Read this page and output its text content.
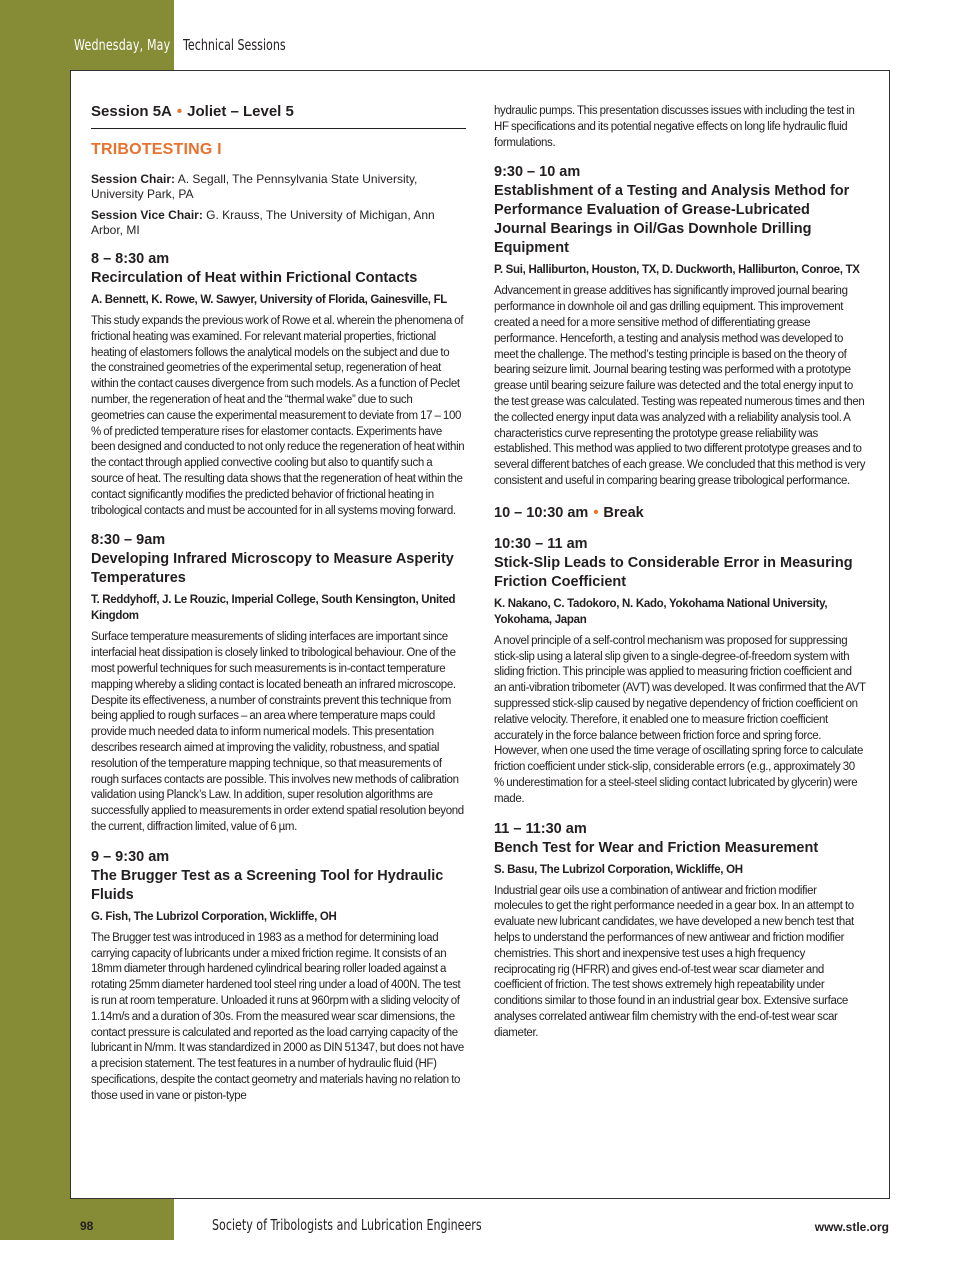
Wednesday, May 8 Technical Sessions
Session 5A • Joliet – Level 5
TRIBOTESTING I
Session Chair: A. Segall, The Pennsylvania State University, University Park, PA
Session Vice Chair: G. Krauss, The University of Michigan, Ann Arbor, MI
8 – 8:30 am
Recirculation of Heat within Frictional Contacts
A. Bennett, K. Rowe, W. Sawyer, University of Florida, Gainesville, FL
This study expands the previous work of Rowe et al. wherein the phenomena of frictional heating was examined. For relevant material properties, frictional heating of elastomers follows the analytical models on the subject and due to the constrained geometries of the experimental setup, regeneration of heat within the contact causes divergence from such models. As a function of Peclet number, the regeneration of heat and the “thermal wake” due to such geometries can cause the experimental measurement to deviate from 17 – 100 % of predicted temperature rises for elastomer contacts. Experiments have been designed and conducted to not only reduce the regeneration of heat within the contact through applied convective cooling but also to quantify such a source of heat. The resulting data shows that the regeneration of heat within the contact significantly modifies the predicted behavior of frictional heating in tribological contacts and must be accounted for in all systems moving forward.
8:30 – 9am
Developing Infrared Microscopy to Measure Asperity Temperatures
T. Reddyhoff, J. Le Rouzic, Imperial College, South Kensington, United Kingdom
Surface temperature measurements of sliding interfaces are important since interfacial heat dissipation is closely linked to tribological behaviour. One of the most powerful techniques for such measurements is in-contact temperature mapping whereby a sliding contact is located beneath an infrared microscope. Despite its effectiveness, a number of constraints prevent this technique from being applied to rough surfaces – an area where temperature maps could provide much needed data to inform numerical models. This presentation describes research aimed at improving the validity, robustness, and spatial resolution of the temperature mapping technique, so that measurements of rough surfaces contacts are possible. This involves new methods of calibration validation using Planck’s Law. In addition, super resolution algorithms are successfully applied to measurements in order extend spatial resolution beyond the current, diffraction limited, value of 6 µm.
9 – 9:30 am
The Brugger Test as a Screening Tool for Hydraulic Fluids
G. Fish, The Lubrizol Corporation, Wickliffe, OH
The Brugger test was introduced in 1983 as a method for determining load carrying capacity of lubricants under a mixed friction regime. It consists of an 18mm diameter through hardened cylindrical bearing roller loaded against a rotating 25mm diameter hardened tool steel ring under a load of 400N. The test is run at room temperature. Unloaded it runs at 960rpm with a sliding velocity of 1.14m/s and a duration of 30s. From the measured wear scar dimensions, the contact pressure is calculated and reported as the load carrying capacity of the lubricant in N/mm. It was standardized in 2000 as DIN 51347, but does not have a precision statement. The test features in a number of hydraulic fluid (HF) specifications, despite the contact geometry and materials having no relation to those used in vane or piston-type
hydraulic pumps. This presentation discusses issues with including the test in HF specifications and its potential negative effects on long life hydraulic fluid formulations.
9:30 – 10 am
Establishment of a Testing and Analysis Method for Performance Evaluation of Grease-Lubricated Journal Bearings in Oil/Gas Downhole Drilling Equipment
P. Sui, Halliburton, Houston, TX, D. Duckworth, Halliburton, Conroe, TX
Advancement in grease additives has significantly improved journal bearing performance in downhole oil and gas drilling equipment. This improvement created a need for a more sensitive method of differentiating grease performance. Henceforth, a testing and analysis method was developed to meet the challenge. The method’s testing principle is based on the theory of bearing seizure limit. Journal bearing testing was performed with a prototype grease until bearing seizure failure was detected and the total energy input to the test grease was calculated. Testing was repeated numerous times and then the collected energy input data was analyzed with a reliability analysis tool. A characteristics curve representing the prototype grease reliability was established. This method was applied to two different prototype greases and to several different batches of each grease. We concluded that this method is very consistent and useful in comparing bearing grease tribological performance.
10 – 10:30 am • Break
10:30 – 11 am
Stick-Slip Leads to Considerable Error in Measuring Friction Coefficient
K. Nakano, C. Tadokoro, N. Kado, Yokohama National University, Yokohama, Japan
A novel principle of a self-control mechanism was proposed for suppressing stick-slip using a lateral slip given to a single-degree-of-freedom system with sliding friction. This principle was applied to measuring friction coefficient and an anti-vibration tribometer (AVT) was developed. It was confirmed that the AVT suppressed stick-slip caused by negative dependency of friction coefficient on relative velocity. Therefore, it enabled one to measure friction coefficient accurately in the force balance between friction force and spring force. However, when one used the time verage of oscillating spring force to calculate friction coefficient under stick-slip, considerable errors (e.g., approximately 30 % underestimation for a steel-steel sliding contact lubricated by glycerin) were made.
11 – 11:30 am
Bench Test for Wear and Friction Measurement
S. Basu, The Lubrizol Corporation, Wickliffe, OH
Industrial gear oils use a combination of antiwear and friction modifier molecules to get the right performance needed in a gear box. In an attempt to evaluate new lubricant candidates, we have developed a new bench test that helps to understand the performances of new antiwear and friction modifier chemistries. This short and inexpensive test uses a high frequency reciprocating rig (HFRR) and gives end-of-test wear scar diameter and coefficient of friction. The test shows extremely high repeatability under conditions similar to those found in an industrial gear box. Extensive surface analyses correlated antiwear film chemistry with the end-of-test wear scar diameter.
98	Society of Tribologists and Lubrication Engineers	www.stle.org
